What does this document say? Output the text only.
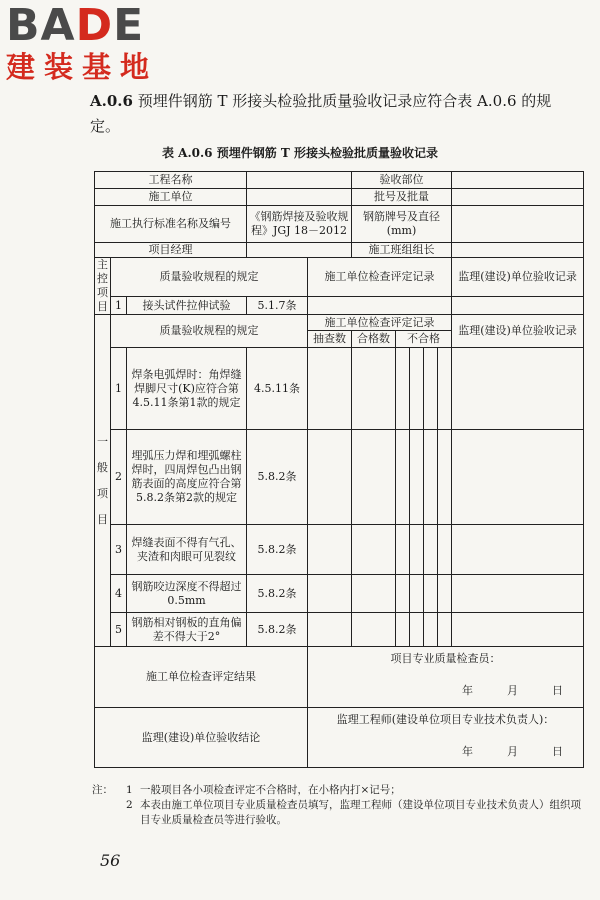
BADE
建装基地
A.0.6 预埋件钢筋 T 形接头检验批质量验收记录应符合表 A.0.6 的规定。
表 A.0.6 预埋件钢筋 T 形接头检验批质量验收记录
工程名称					验收部位					
施工单位					批号及批量					
施工执行标准名称及编号			《钢筋焊接及验收规程》JGJ 18－2012		钢筋牌号及直径(mm)					
项目经理					施工班组组长					

主
控
项
目	质量验收规程的规定			施工单位检查评定记录						监理(建设)单位验收记录
	1	接头试件拉伸试验	5.1.7条							

一
般
项
目	质量验收规程的规定			施工单位检查评定记录						监理(建设)单位验收记录
				抽查数	合格数	不合格				
	1	焊条电弧焊时：角焊缝焊脚尺寸(K)应符合第4.5.11条第1款的规定	4.5.11条							
	2	埋弧压力焊和埋弧螺柱焊时，四周焊包凸出钢筋表面的高度应符合第5.8.2条第2款的规定	5.8.2条							
	3	焊缝表面不得有气孔、夹渣和肉眼可见裂纹	5.8.2条							
	4	钢筋咬边深度不得超过0.5mm	5.8.2条							
	5	钢筋相对钢板的直角偏差不得大于2°	5.8.2条							
施工单位检查评定结果				项目专业质量检查员：
年 月 日						

监理(建设)单位验收结论				监理工程师(建设单位项目专业技术负责人)：
年 月 日						
注：	1 一般项目各小项检查评定不合格时，在小格内打×记号；
2 本表由施工单位项目专业质量检查员填写，监理工程师（建设单位项目专业技术负责人）组织项目专业质量检查员等进行验收。
56
